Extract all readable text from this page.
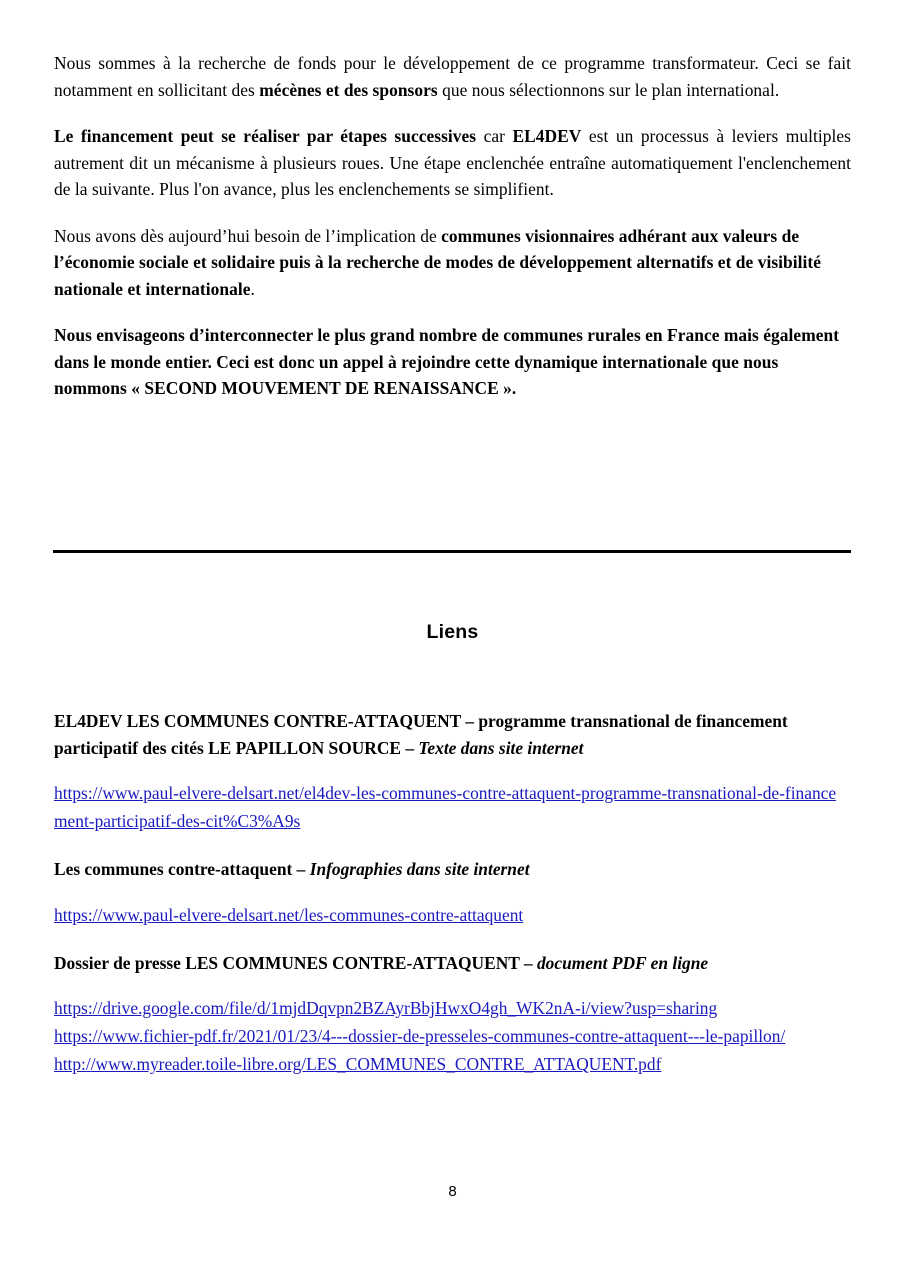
Nous sommes à la recherche de fonds pour le développement de ce programme transformateur. Ceci se fait notamment en sollicitant des mécènes et des sponsors que nous sélectionnons sur le plan international.

Le financement peut se réaliser par étapes successives car EL4DEV est un processus à leviers multiples autrement dit un mécanisme à plusieurs roues. Une étape enclenchée entraîne automatiquement l'enclenchement de la suivante. Plus l'on avance, plus les enclenchements se simplifient.

Nous avons dès aujourd’hui besoin de l’implication de communes visionnaires adhérant aux valeurs de l’économie sociale et solidaire puis à la recherche de modes de développement alternatifs et de visibilité nationale et internationale.

Nous envisageons d’interconnecter le plus grand nombre de communes rurales en France mais également dans le monde entier. Ceci est donc un appel à rejoindre cette dynamique internationale que nous nommons « SECOND MOUVEMENT DE RENAISSANCE ».

Liens

EL4DEV LES COMMUNES CONTRE-ATTAQUENT – programme transnational de financement participatif des cités LE PAPILLON SOURCE – Texte dans site internet

https://www.paul-elvere-delsart.net/el4dev-les-communes-contre-attaquent-programme-transnational-de-financement-participatif-des-cit%C3%A9s

Les communes contre-attaquent – Infographies dans site internet

https://www.paul-elvere-delsart.net/les-communes-contre-attaquent

Dossier de presse LES COMMUNES CONTRE-ATTAQUENT – document PDF en ligne

https://drive.google.com/file/d/1mjdDqvpn2BZAyrBbjHwxO4gh_WK2nA-i/view?usp=sharing
https://www.fichier-pdf.fr/2021/01/23/4---dossier-de-presseles-communes-contre-attaquent---le-papillon/
http://www.myreader.toile-libre.org/LES_COMMUNES_CONTRE_ATTAQUENT.pdf
8
